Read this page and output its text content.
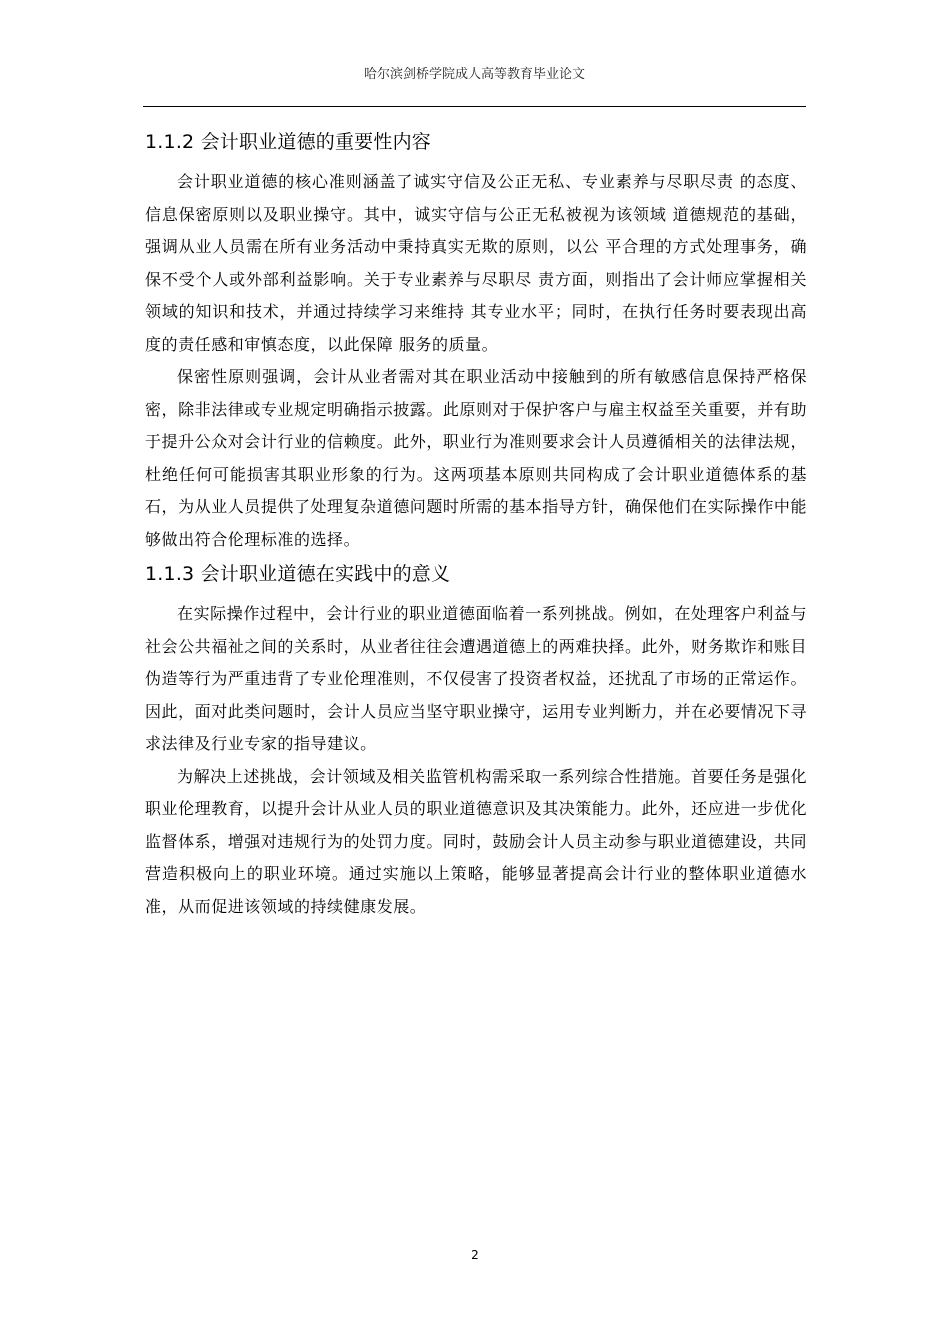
哈尔滨剑桥学院成人高等教育毕业论文
1.1.2 会计职业道德的重要性内容

会计职业道德的核心准则涵盖了诚实守信及公正无私、专业素养与尽职尽责 的态度、信息保密原则以及职业操守。其中，诚实守信与公正无私被视为该领域 道德规范的基础，强调从业人员需在所有业务活动中秉持真实无欺的原则，以公 平合理的方式处理事务，确保不受个人或外部利益影响。关于专业素养与尽职尽 责方面，则指出了会计师应掌握相关领域的知识和技术，并通过持续学习来维持 其专业水平；同时，在执行任务时要表现出高度的责任感和审慎态度，以此保障 服务的质量。

保密性原则强调，会计从业者需对其在职业活动中接触到的所有敏感信息保持严格保密，除非法律或专业规定明确指示披露。此原则对于保护客户与雇主权益至关重要，并有助于提升公众对会计行业的信赖度。此外，职业行为准则要求会计人员遵循相关的法律法规，杜绝任何可能损害其职业形象的行为。这两项基本原则共同构成了会计职业道德体系的基石，为从业人员提供了处理复杂道德问题时所需的基本指导方针，确保他们在实际操作中能够做出符合伦理标准的选择。

1.1.3 会计职业道德在实践中的意义

在实际操作过程中，会计行业的职业道德面临着一系列挑战。例如，在处理客户利益与社会公共福祉之间的关系时，从业者往往会遭遇道德上的两难抉择。此外，财务欺诈和账目伪造等行为严重违背了专业伦理准则，不仅侵害了投资者权益，还扰乱了市场的正常运作。因此，面对此类问题时，会计人员应当坚守职业操守，运用专业判断力，并在必要情况下寻求法律及行业专家的指导建议。

为解决上述挑战，会计领域及相关监管机构需采取一系列综合性措施。首要任务是强化职业伦理教育，以提升会计从业人员的职业道德意识及其决策能力。此外，还应进一步优化监督体系，增强对违规行为的处罚力度。同时，鼓励会计人员主动参与职业道德建设，共同营造积极向上的职业环境。通过实施以上策略，能够显著提高会计行业的整体职业道德水准，从而促进该领域的持续健康发展。

2
